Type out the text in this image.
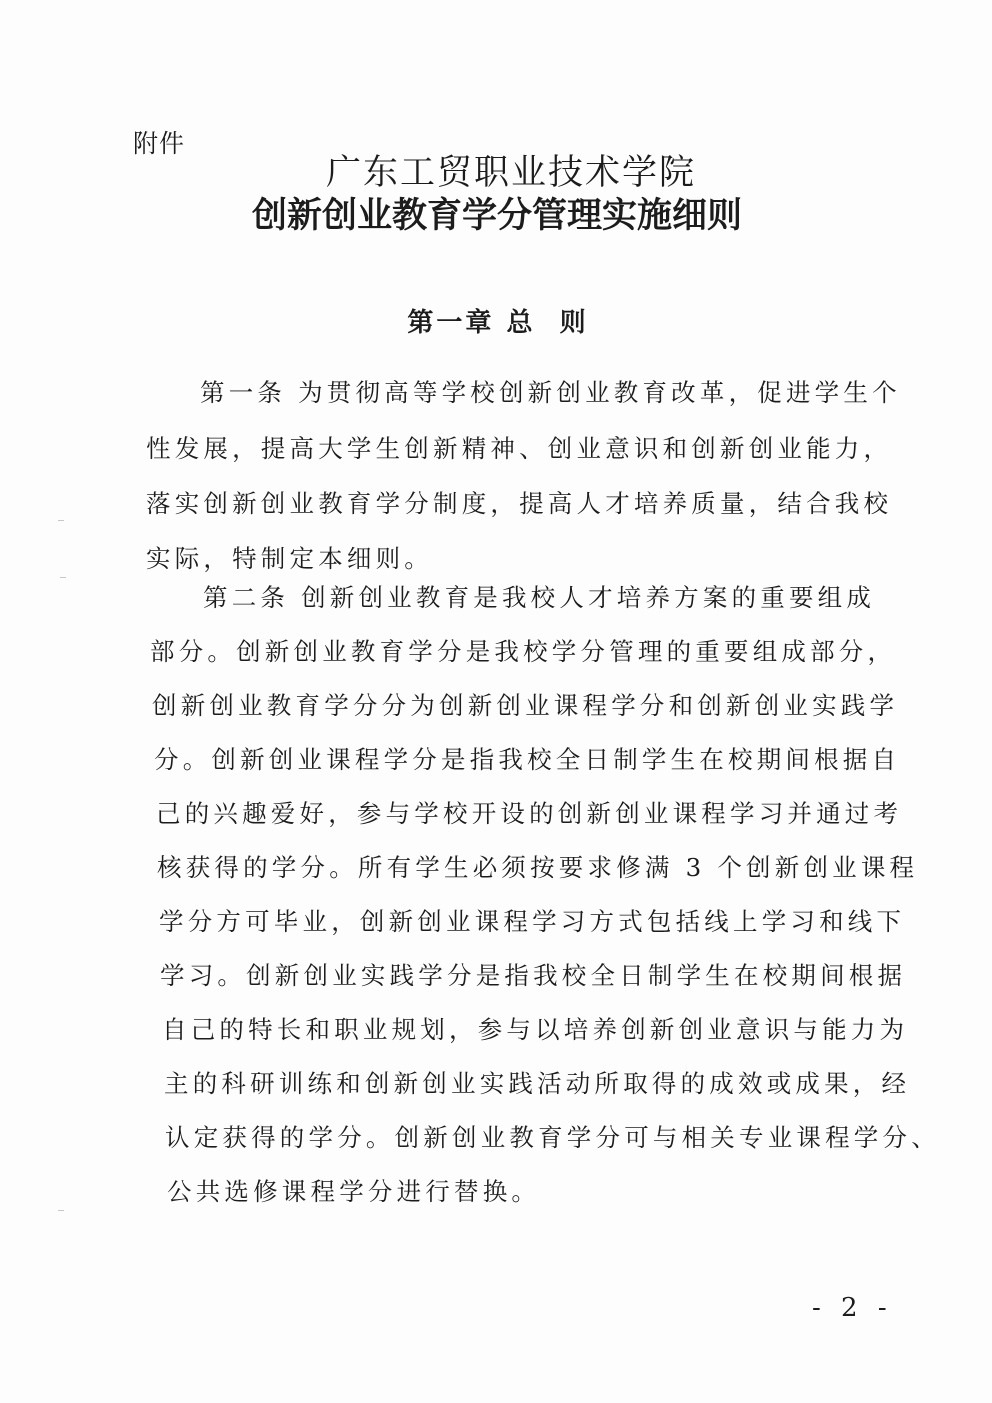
附件
广东工贸职业技术学院
创新创业教育学分管理实施细则
第一章 总  则
第一条 为贯彻高等学校创新创业教育改革，促进学生个
性发展，提高大学生创新精神、创业意识和创新创业能力，
落实创新创业教育学分制度，提高人才培养质量，结合我校
实际，特制定本细则。
第二条 创新创业教育是我校人才培养方案的重要组成
部分。创新创业教育学分是我校学分管理的重要组成部分，
创新创业教育学分分为创新创业课程学分和创新创业实践学
分。创新创业课程学分是指我校全日制学生在校期间根据自
己的兴趣爱好，参与学校开设的创新创业课程学习并通过考
核获得的学分。所有学生必须按要求修满 3 个创新创业课程
学分方可毕业，创新创业课程学习方式包括线上学习和线下
学习。创新创业实践学分是指我校全日制学生在校期间根据
自己的特长和职业规划，参与以培养创新创业意识与能力为
主的科研训练和创新创业实践活动所取得的成效或成果，经
认定获得的学分。创新创业教育学分可与相关专业课程学分、
公共选修课程学分进行替换。
- 2 -
